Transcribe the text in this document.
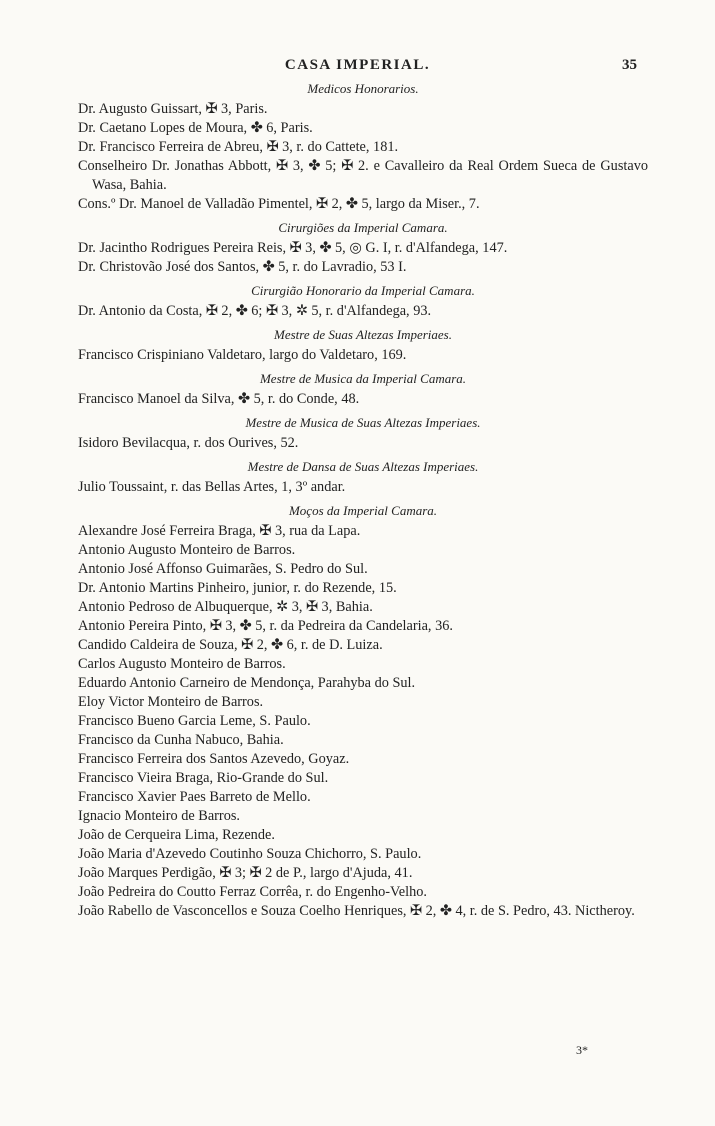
CASA IMPERIAL.	35
Medicos Honorarios.
Dr. Augusto Guissart, ✠ 3, Paris.
Dr. Caetano Lopes de Moura, ✤ 6, Paris.
Dr. Francisco Ferreira de Abreu, ✠ 3, r. do Cattete, 181.
Conselheiro Dr. Jonathas Abbott, ✠ 3, ✤ 5; ✠ 2. e Cavalleiro da Real Ordem Sueca de Gustavo Wasa, Bahia.
Cons.º Dr. Manoel de Valladão Pimentel, ✠ 2, ✤ 5, largo da Miser., 7.
Cirurgiões da Imperial Camara.
Dr. Jacintho Rodrigues Pereira Reis, ✠ 3, ✤ 5, ◎ G. I, r. d'Alfandega, 147.
Dr. Christovão José dos Santos, ✤ 5, r. do Lavradio, 53 I.
Cirurgião Honorario da Imperial Camara.
Dr. Antonio da Costa, ✠ 2, ✤ 6; ✠ 3, ✲ 5, r. d'Alfandega, 93.
Mestre de Suas Altezas Imperiaes.
Francisco Crispiniano Valdetaro, largo do Valdetaro, 169.
Mestre de Musica da Imperial Camara.
Francisco Manoel da Silva, ✤ 5, r. do Conde, 48.
Mestre de Musica de Suas Altezas Imperiaes.
Isidoro Bevilacqua, r. dos Ourives, 52.
Mestre de Dansa de Suas Altezas Imperiaes.
Julio Toussaint, r. das Bellas Artes, 1, 3º andar.
Moços da Imperial Camara.
Alexandre José Ferreira Braga, ✠ 3, rua da Lapa.
Antonio Augusto Monteiro de Barros.
Antonio José Affonso Guimarães, S. Pedro do Sul.
Dr. Antonio Martins Pinheiro, junior, r. do Rezende, 15.
Antonio Pedroso de Albuquerque, ✲ 3, ✠ 3, Bahia.
Antonio Pereira Pinto, ✠ 3, ✤ 5, r. da Pedreira da Candelaria, 36.
Candido Caldeira de Souza, ✠ 2, ✤ 6, r. de D. Luiza.
Carlos Augusto Monteiro de Barros.
Eduardo Antonio Carneiro de Mendonça, Parahyba do Sul.
Eloy Victor Monteiro de Barros.
Francisco Bueno Garcia Leme, S. Paulo.
Francisco da Cunha Nabuco, Bahia.
Francisco Ferreira dos Santos Azevedo, Goyaz.
Francisco Vieira Braga, Rio-Grande do Sul.
Francisco Xavier Paes Barreto de Mello.
Ignacio Monteiro de Barros.
João de Cerqueira Lima, Rezende.
João Maria d'Azevedo Coutinho Souza Chichorro, S. Paulo.
João Marques Perdigão, ✠ 3; ✠ 2 de P., largo d'Ajuda, 41.
João Pedreira do Coutto Ferraz Corrêa, r. do Engenho-Velho.
João Rabello de Vasconcellos e Souza Coelho Henriques, ✠ 2, ✤ 4, r. de S. Pedro, 43. Nictheroy.
3*
